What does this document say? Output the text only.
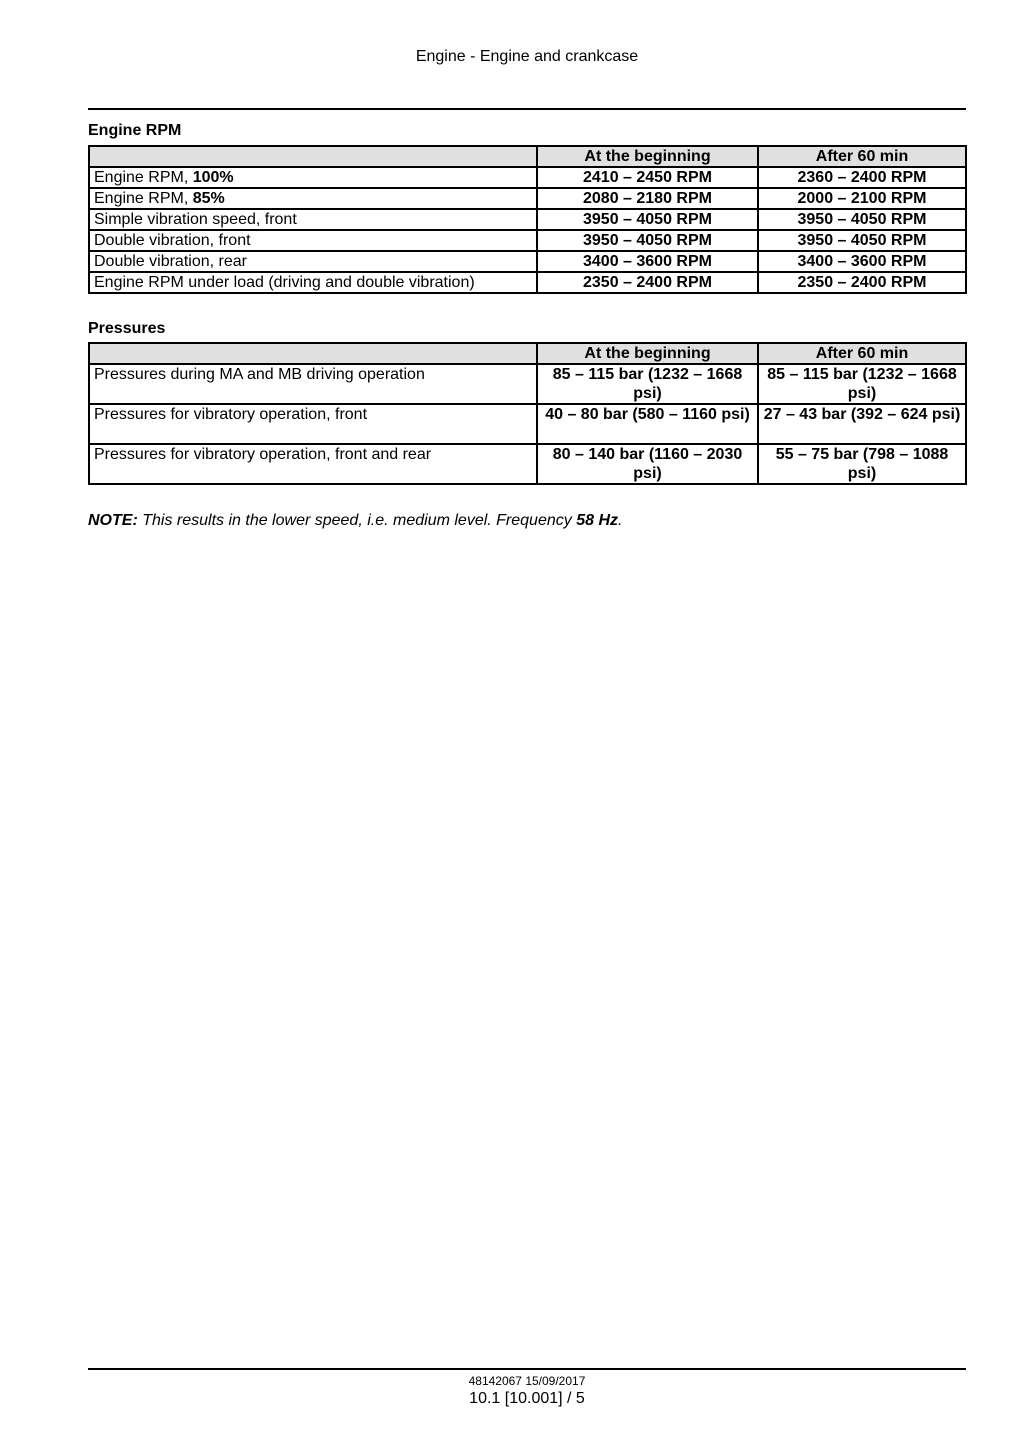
Engine - Engine and crankcase
Engine RPM
	At the beginning	After 60 min
Engine RPM, 100%	2410 – 2450 RPM	2360 – 2400 RPM
Engine RPM, 85%	2080 – 2180 RPM	2000 – 2100 RPM
Simple vibration speed, front	3950 – 4050 RPM	3950 – 4050 RPM
Double vibration, front	3950 – 4050 RPM	3950 – 4050 RPM
Double vibration, rear	3400 – 3600 RPM	3400 – 3600 RPM
Engine RPM under load (driving and double vibration)	2350 – 2400 RPM	2350 – 2400 RPM
Pressures
	At the beginning	After 60 min
Pressures during MA and MB driving operation	85 – 115 bar (1232 – 1668 psi)	85 – 115 bar (1232 – 1668 psi)
Pressures for vibratory operation, front	40 – 80 bar (580 – 1160 psi)	27 – 43 bar (392 – 624 psi)
Pressures for vibratory operation, front and rear	80 – 140 bar (1160 – 2030 psi)	55 – 75 bar (798 – 1088 psi)
NOTE: This results in the lower speed, i.e. medium level. Frequency 58 Hz.
48142067 15/09/2017
10.1 [10.001] / 5
